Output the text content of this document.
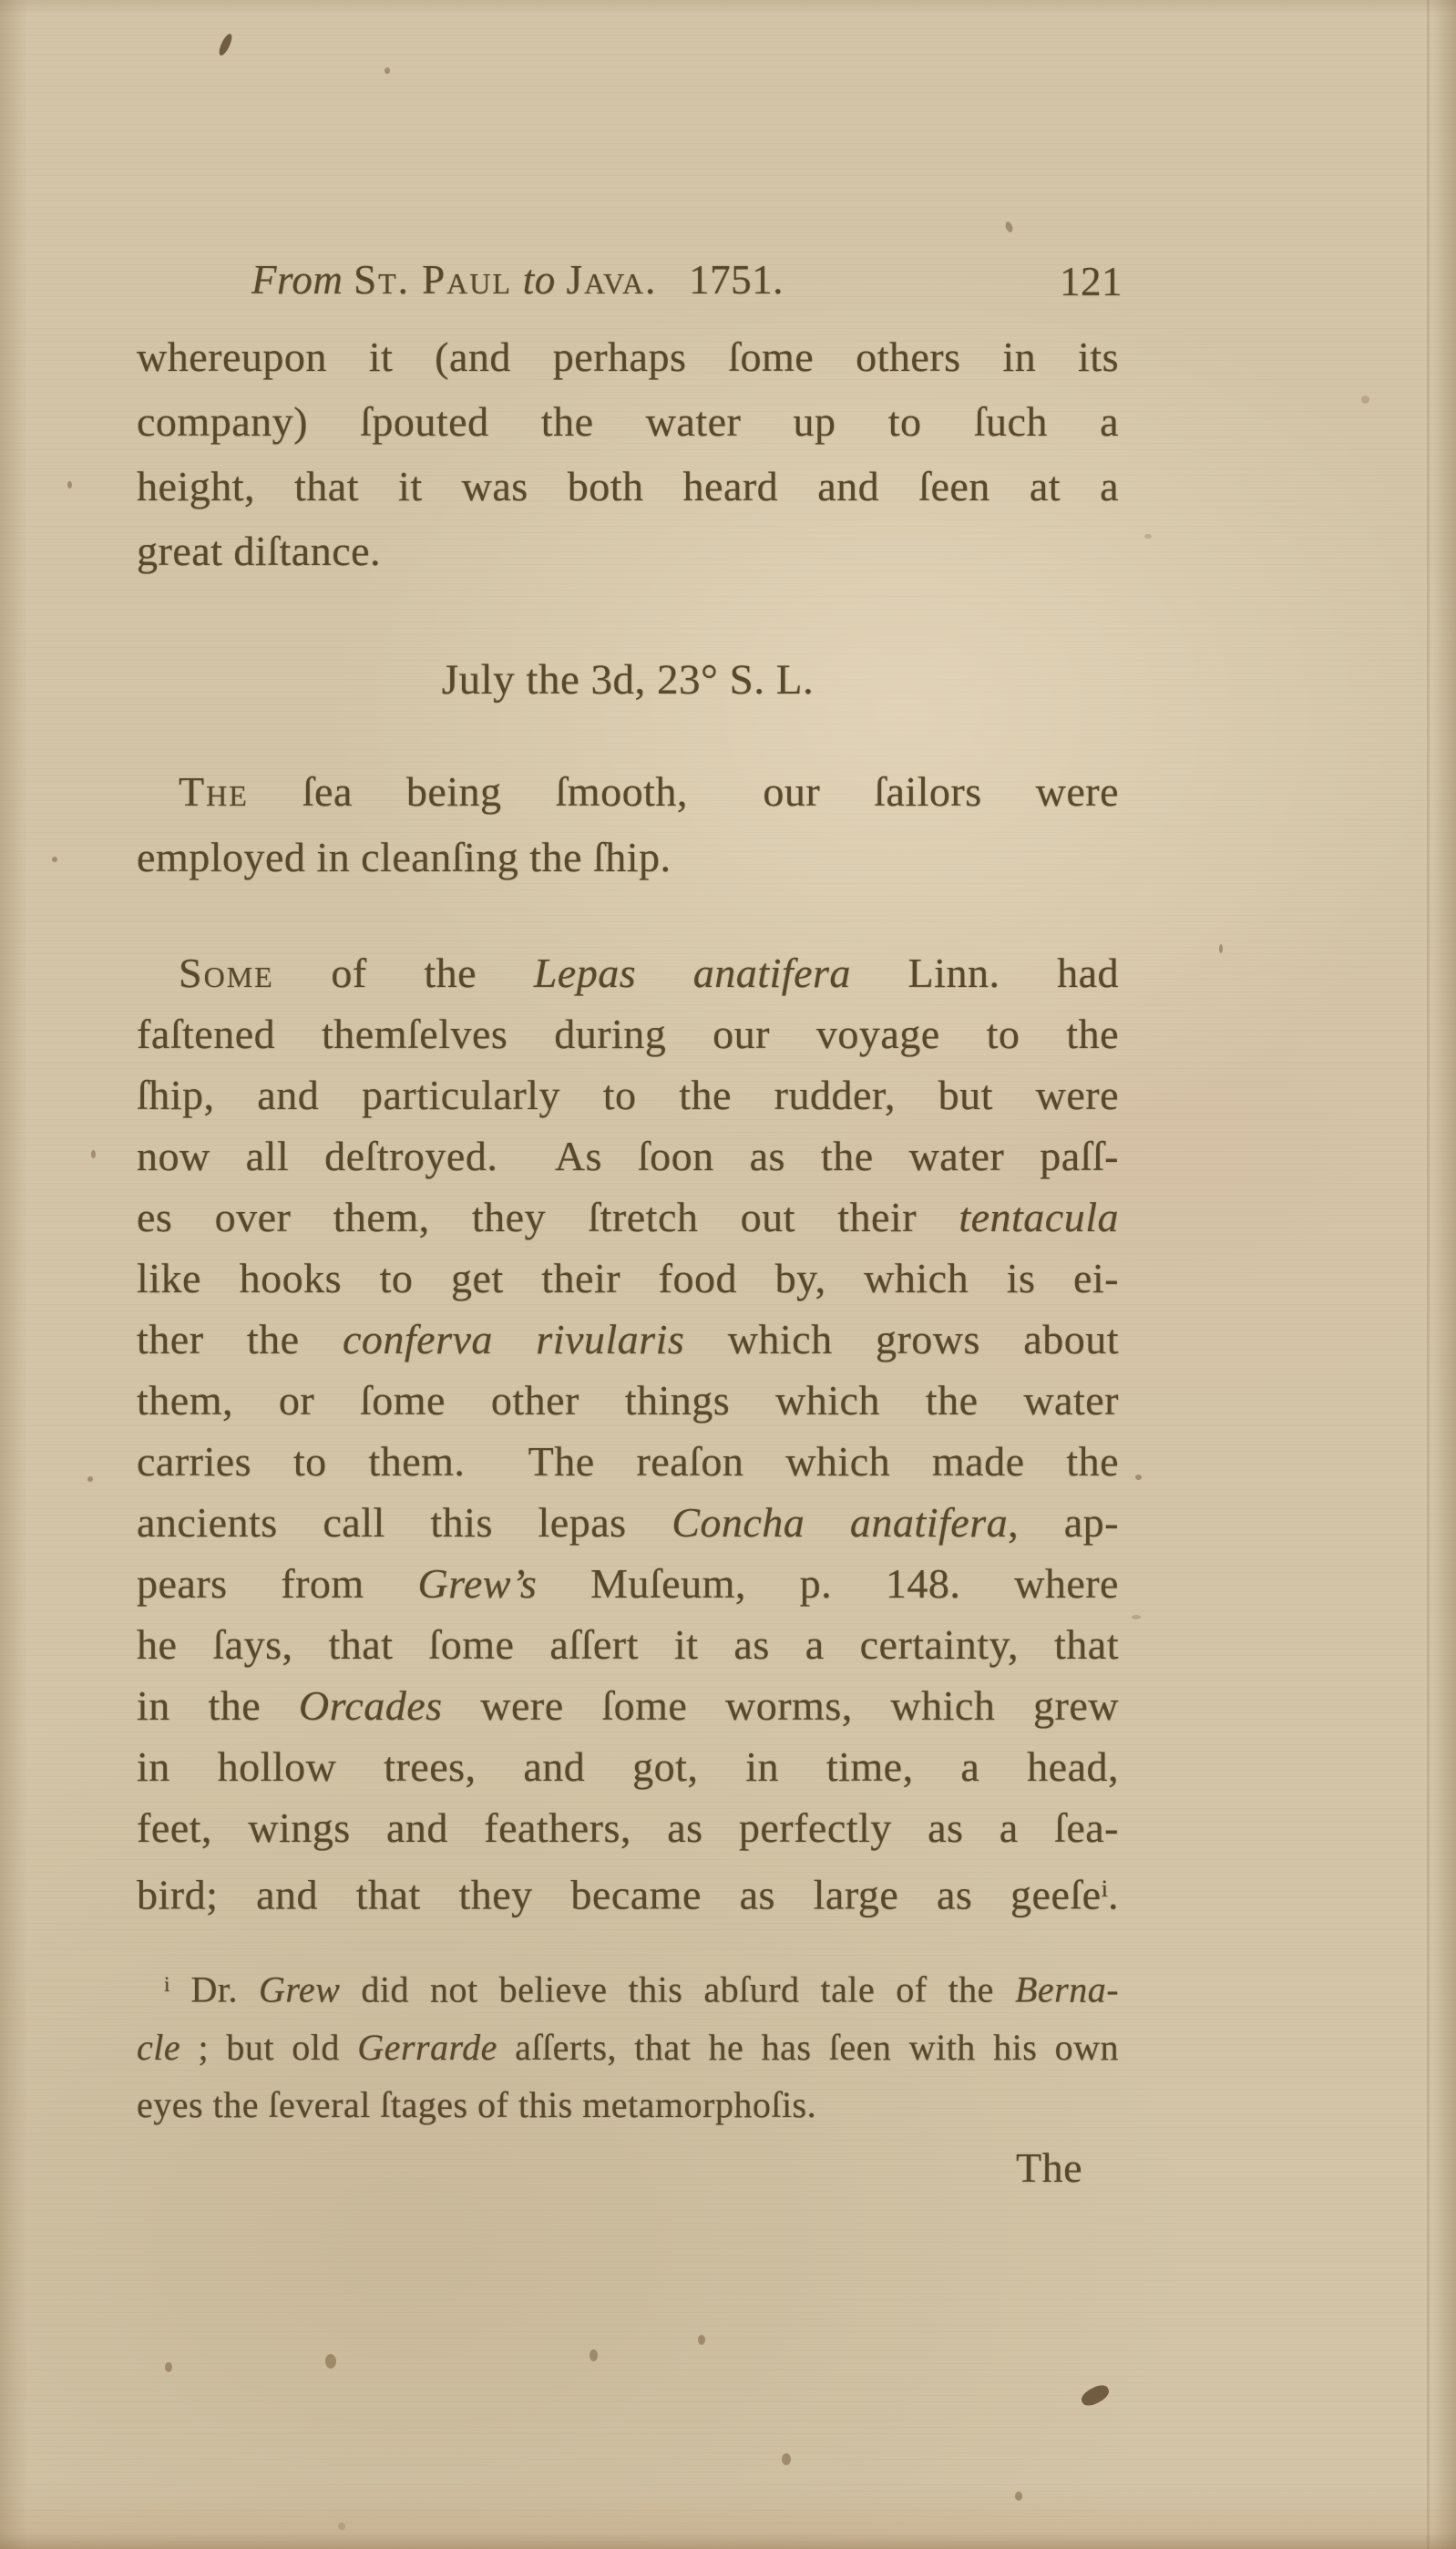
From St. Paul to Java.  1751.	121
whereupon it (and perhaps ſome others in its
company) ſpouted the water up to ſuch a
height, that it was both heard and ſeen at a
great diſtance.
July the 3d, 23° S. L.
The ſea being ſmooth,  our ſailors were
employed in cleanſing the ſhip.
Some of the Lepas anatifera Linn. had
faſtened themſelves during our voyage to the
ſhip, and particularly to the rudder, but were
now all deſtroyed.  As ſoon as the water paſſ-
es over them, they ſtretch out their tentacula
like hooks to get their food by, which is ei-
ther the conferva rivularis which grows about
them, or ſome other things which the water
carries to them.  The reaſon which made the
ancients call this lepas Concha anatifera, ap-
pears from Grew’s Muſeum, p. 148. where
he ſays, that ſome aſſert it as a certainty, that
in the Orcades were ſome worms, which grew
in hollow trees, and got, in time, a head,
feet, wings and feathers, as perfectly as a ſea-
bird; and that they became as large as geeſe$^i$.
$^i$ Dr. Grew did not believe this abſurd tale of the Berna-
cle ; but old Gerrarde aſſerts, that he has ſeen with his own
eyes the ſeveral ſtages of this metamorphoſis.
The
